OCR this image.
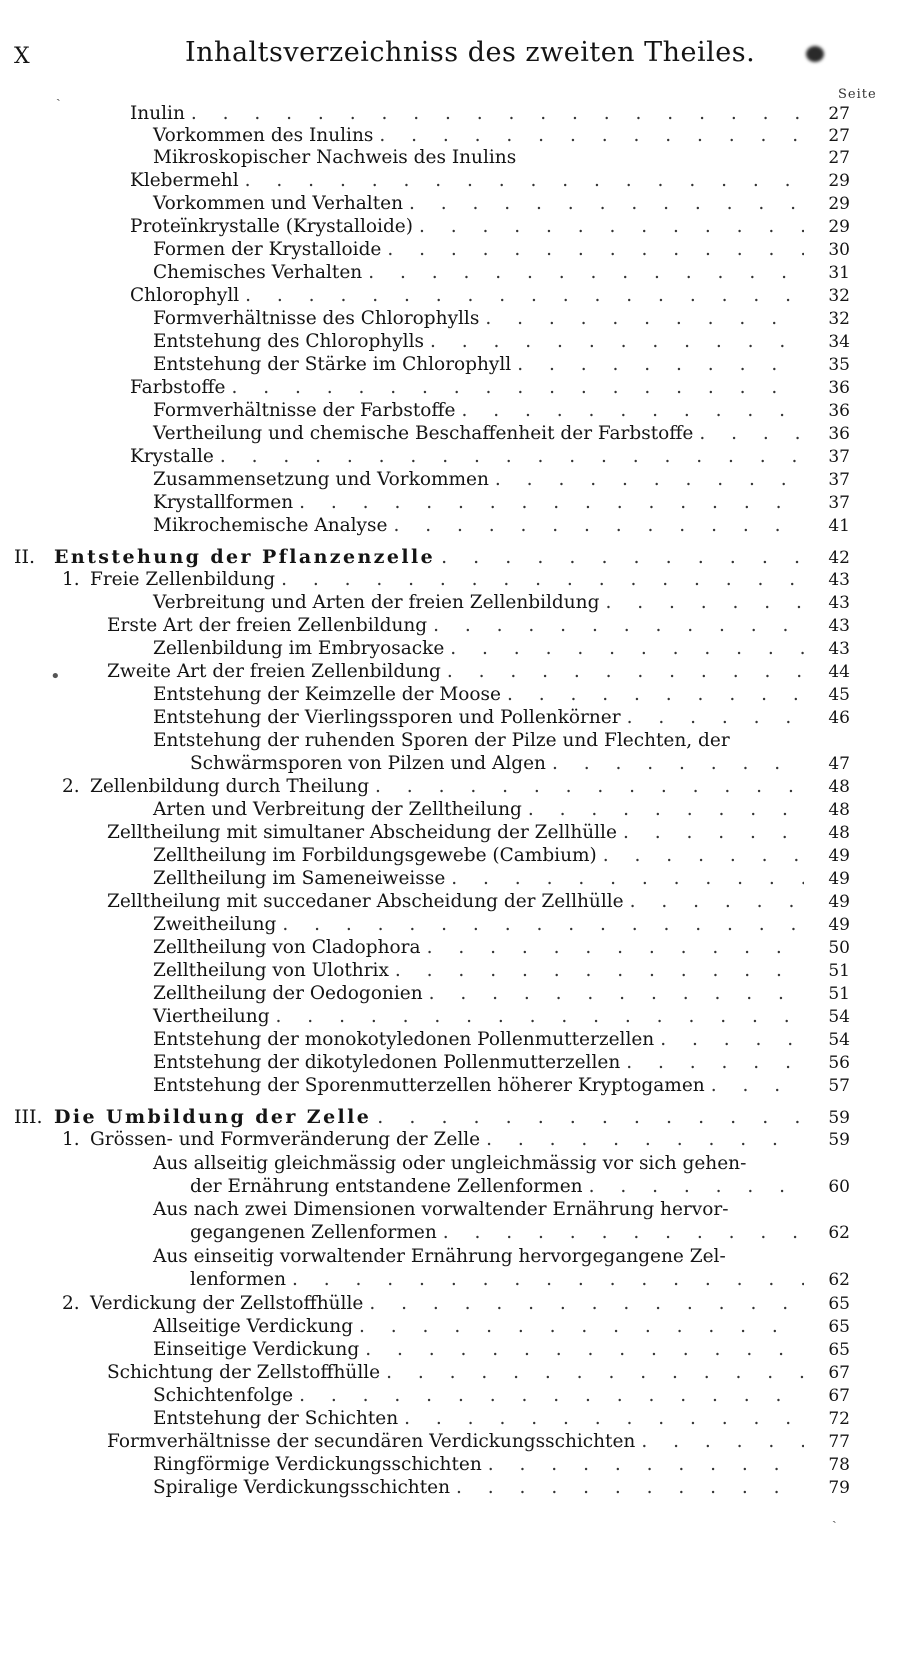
X	Inhaltsverzeichniss des zweiten Theiles.
Seite
ˏ
•
ˏ
Inulin . . .	27
Vorkommen des Inulins . . .	27
Mikroskopischer Nachweis des Inulins	27
Klebermehl . . .	29
Vorkommen und Verhalten . . .	29
Proteïnkrystalle (Krystalloide) . . .	29
Formen der Krystalloide . . .	30
Chemisches Verhalten . . .	31
Chlorophyll . . .	32
Formverhältnisse des Chlorophylls . . .	32
Entstehung des Chlorophylls . . .	34
Entstehung der Stärke im Chlorophyll . . .	35
Farbstoffe . . .	36
Formverhältnisse der Farbstoffe . . .	36
Vertheilung und chemische Beschaffenheit der Farbstoffe . . .	36
Krystalle . . .	37
Zusammensetzung und Vorkommen . . .	37
Krystallformen . . .	37
Mikrochemische Analyse . . .	41
II. Entstehung der Pflanzenzelle . . .	42
1. Freie Zellenbildung . . .	43
Verbreitung und Arten der freien Zellenbildung . . .	43
Erste Art der freien Zellenbildung . . .	43
Zellenbildung im Embryosacke . . .	43
Zweite Art der freien Zellenbildung . . .	44
Entstehung der Keimzelle der Moose . . .	45
Entstehung der Vierlingssporen und Pollenkörner . . .	46
Entstehung der ruhenden Sporen der Pilze und Flechten, der
Schwärmsporen von Pilzen und Algen . . .	47
2. Zellenbildung durch Theilung . . .	48
Arten und Verbreitung der Zelltheilung . . .	48
Zelltheilung mit simultaner Abscheidung der Zellhülle . . .	48
Zelltheilung im Forbildungsgewebe (Cambium) . . .	49
Zelltheilung im Sameneiweisse . . .	49
Zelltheilung mit succedaner Abscheidung der Zellhülle . . .	49
Zweitheilung . . .	49
Zelltheilung von Cladophora . . .	50
Zelltheilung von Ulothrix . . .	51
Zelltheilung der Oedogonien . . .	51
Viertheilung . . .	54
Entstehung der monokotyledonen Pollenmutterzellen . . .	54
Entstehung der dikotyledonen Pollenmutterzellen . . .	56
Entstehung der Sporenmutterzellen höherer Kryptogamen . . .	57
III. Die Umbildung der Zelle . . .	59
1. Grössen- und Formveränderung der Zelle . . .	59
Aus allseitig gleichmässig oder ungleichmässig vor sich gehen-
der Ernährung entstandene Zellenformen . . .	60
Aus nach zwei Dimensionen vorwaltender Ernährung hervor-
gegangenen Zellenformen . . .	62
Aus einseitig vorwaltender Ernährung hervorgegangene Zel-
lenformen . . .	62
2. Verdickung der Zellstoffhülle . . .	65
Allseitige Verdickung . . .	65
Einseitige Verdickung . . .	65
Schichtung der Zellstoffhülle . . .	67
Schichtenfolge . . .	67
Entstehung der Schichten . . .	72
Formverhältnisse der secundären Verdickungsschichten . . .	77
Ringförmige Verdickungsschichten . . .	78
Spiralige Verdickungsschichten . . .	79
